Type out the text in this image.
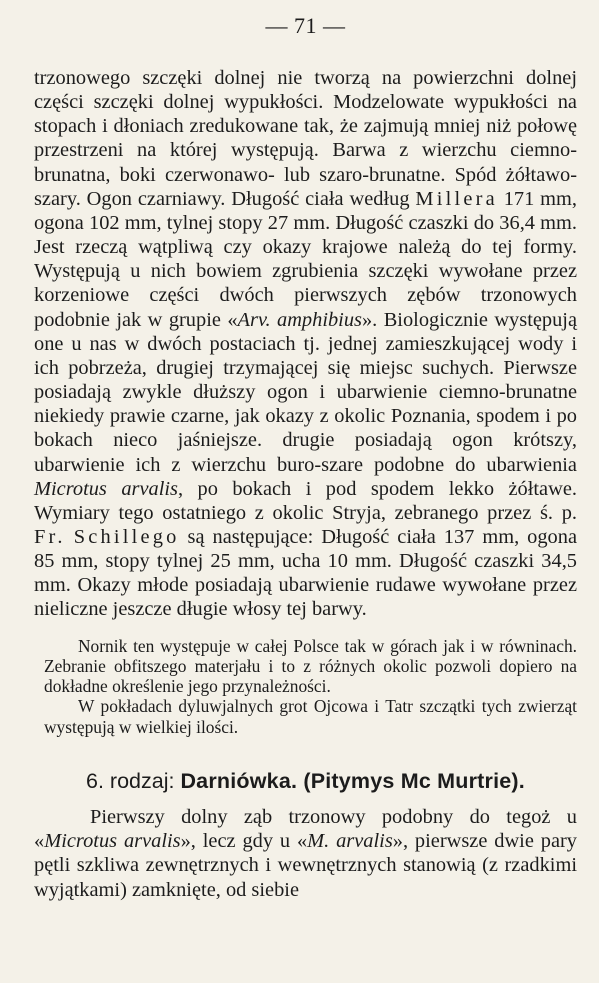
— 71 —

trzonowego szczęki dolnej nie tworzą na powierzchni dolnej części szczęki dolnej wypukłości. Modzelowate wypukłości na stopach i dłoniach zredukowane tak, że zajmują mniej niż połowę przestrzeni na której występują. Barwa z wierzchu ciemno-brunatna, boki czerwonawo- lub szaro-brunatne. Spód żółtawo-szary. Ogon czarniawy. Długość ciała według Millera 171 mm, ogona 102 mm, tylnej stopy 27 mm. Długość czaszki do 36,4 mm. Jest rzeczą wątpliwą czy okazy krajowe należą do tej formy. Występują u nich bowiem zgrubienia szczęki wywołane przez korzeniowe części dwóch pierwszych zębów trzonowych podobnie jak w grupie «Arv. amphibius». Biologicznie występują one u nas w dwóch postaciach tj. jednej zamieszkującej wody i ich pobrzeża, drugiej trzymającej się miejsc suchych. Pierwsze posiadają zwykle dłuższy ogon i ubarwienie ciemno-brunatne niekiedy prawie czarne, jak okazy z okolic Poznania, spodem i po bokach nieco jaśniejsze. drugie posiadają ogon krótszy, ubarwienie ich z wierzchu buro-szare podobne do ubarwienia Microtus arvalis, po bokach i pod spodem lekko żółtawe. Wymiary tego ostatniego z okolic Stryja, zebranego przez ś. p. Fr. Schillego są następujące: Długość ciała 137 mm, ogona 85 mm, stopy tylnej 25 mm, ucha 10 mm. Długość czaszki 34,5 mm. Okazy młode posiadają ubarwienie rudawe wywołane przez nieliczne jeszcze długie włosy tej barwy.

Nornik ten występuje w całej Polsce tak w górach jak i w równinach. Zebranie obfitszego materjału i to z różnych okolic pozwoli dopiero na dokładne określenie jego przynależności.

W pokładach dyluwjalnych grot Ojcowa i Tatr szczątki tych zwierząt występują w wielkiej ilości.

6. rodzaj: Darniówka. (Pitymys Mc Murtrie).

Pierwszy dolny ząb trzonowy podobny do tegoż u «Microtus arvalis», lecz gdy u «M. arvalis», pierwsze dwie pary pętli szkliwa zewnętrznych i wewnętrznych stanowią (z rzadkimi wyjątkami) zamknięte, od siebie
